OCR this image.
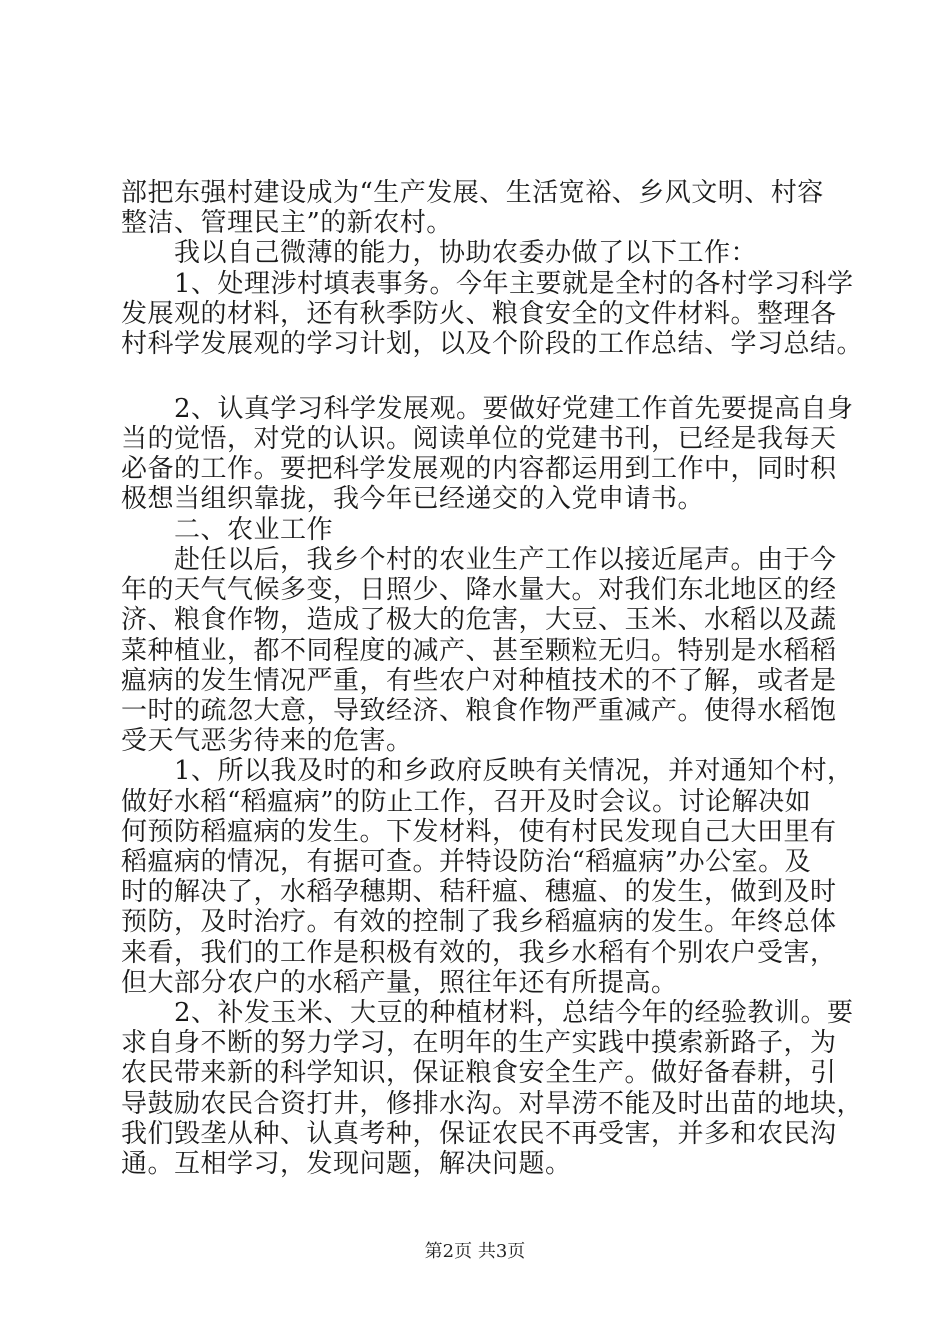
部把东强村建设成为“生产发展、生活宽裕、乡风文明、村容
整洁、管理民主”的新农村。
我以自己微薄的能力，协助农委办做了以下工作：
1、处理涉村填表事务。今年主要就是全村的各村学习科学
发展观的材料，还有秋季防火、粮食安全的文件材料。整理各
村科学发展观的学习计划，以及个阶段的工作总结、学习总结。
2、认真学习科学发展观。要做好党建工作首先要提高自身
当的觉悟，对党的认识。阅读单位的党建书刊，已经是我每天
必备的工作。要把科学发展观的内容都运用到工作中，同时积
极想当组织靠拢，我今年已经递交的入党申请书。
二、农业工作
赴任以后，我乡个村的农业生产工作以接近尾声。由于今
年的天气气候多变，日照少、降水量大。对我们东北地区的经
济、粮食作物，造成了极大的危害，大豆、玉米、水稻以及蔬
菜种植业，都不同程度的减产、甚至颗粒无归。特别是水稻稻
瘟病的发生情况严重，有些农户对种植技术的不了解，或者是
一时的疏忽大意，导致经济、粮食作物严重减产。使得水稻饱
受天气恶劣待来的危害。
1、所以我及时的和乡政府反映有关情况，并对通知个村，
做好水稻“稻瘟病”的防止工作，召开及时会议。讨论解决如
何预防稻瘟病的发生。下发材料，使有村民发现自己大田里有
稻瘟病的情况，有据可查。并特设防治“稻瘟病”办公室。及
时的解决了，水稻孕穗期、秸秆瘟、穗瘟、的发生，做到及时
预防，及时治疗。有效的控制了我乡稻瘟病的发生。年终总体
来看，我们的工作是积极有效的，我乡水稻有个别农户受害，
但大部分农户的水稻产量，照往年还有所提高。
2、补发玉米、大豆的种植材料，总结今年的经验教训。要
求自身不断的努力学习，在明年的生产实践中摸索新路子，为
农民带来新的科学知识，保证粮食安全生产。做好备春耕，引
导鼓励农民合资打井，修排水沟。对旱涝不能及时出苗的地块，
我们毁垄从种、认真考种，保证农民不再受害，并多和农民沟
通。互相学习，发现问题，解决问题。
第2页 共3页
